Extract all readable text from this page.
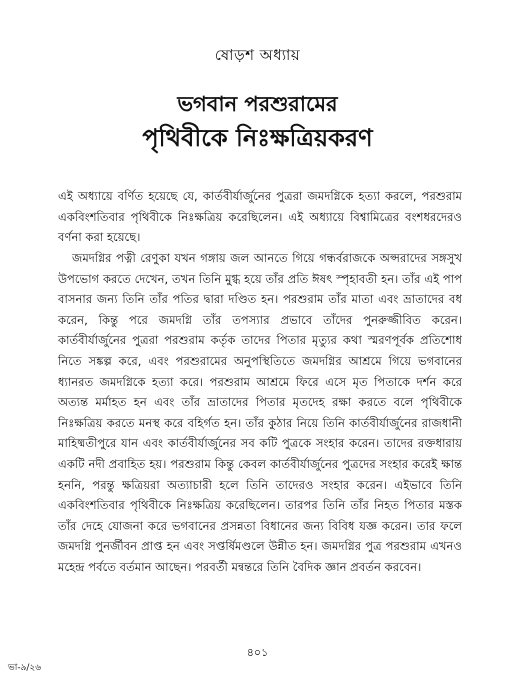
ষোড়শ অধ্যায়
ভগবান পরশুরামের
পৃথিবীকে নিঃক্ষত্রিয়করণ
এই অধ্যায়ে বর্ণিত হয়েছে যে, কার্তবীর্যার্জুনের পুত্ররা জমদগ্নিকে হত্যা করলে, পরশুরাম একবিংশতিবার পৃথিবীকে নিঃক্ষত্রিয় করেছিলেন। এই অধ্যায়ে বিশ্বামিত্রের বংশধরদেরও বর্ণনা করা হয়েছে।
জমদগ্নির পত্নী রেণুকা যখন গঙ্গায় জল আনতে গিয়ে গন্ধর্বরাজকে অপ্সরাদের সঙ্গসুখ উপভোগ করতে দেখেন, তখন তিনি মুগ্ধ হয়ে তাঁর প্রতি ঈষৎ স্পৃহাবতী হন। তাঁর এই পাপ বাসনার জন্য তিনি তাঁর পতির দ্বারা দণ্ডিত হন। পরশুরাম তাঁর মাতা এবং ভ্রাতাদের বধ করেন, কিন্তু পরে জমদগ্নি তাঁর তপস্যার প্রভাবে তাঁদের পুনরুজ্জীবিত করেন। কার্তবীর্যার্জুনের পুত্ররা পরশুরাম কর্তৃক তাদের পিতার মৃত্যুর কথা স্মরণপূর্বক প্রতিশোধ নিতে সঙ্কল্প করে, এবং পরশুরামের অনুপস্থিতিতে জমদগ্নির আশ্রমে গিয়ে ভগবানের ধ্যানরত জমদগ্নিকে হত্যা করে। পরশুরাম আশ্রমে ফিরে এসে মৃত পিতাকে দর্শন করে অত্যন্ত মর্মাহত হন এবং তাঁর ভ্রাতাদের পিতার মৃতদেহ রক্ষা করতে বলে পৃথিবীকে নিঃক্ষত্রিয় করতে মনস্থ করে বহির্গত হন। তাঁর কুঠার নিয়ে তিনি কার্তবীর্যার্জুনের রাজধানী মাহিষ্মতীপুরে যান এবং কার্তবীর্যার্জুনের সব কটি পুত্রকে সংহার করেন। তাদের রক্তধারায় একটি নদী প্রবাহিত হয়। পরশুরাম কিন্তু কেবল কার্তবীর্যার্জুনের পুত্রদের সংহার করেই ক্ষান্ত হননি, পরন্তু ক্ষত্রিয়রা অত্যাচারী হলে তিনি তাদেরও সংহার করেন। এইভাবে তিনি একবিংশতিবার পৃথিবীকে নিঃক্ষত্রিয় করেছিলেন। তারপর তিনি তাঁর নিহত পিতার মস্তক তাঁর দেহে যোজনা করে ভগবানের প্রসন্নতা বিধানের জন্য বিবিধ যজ্ঞ করেন। তার ফলে জমদগ্নি পুনর্জীবন প্রাপ্ত হন এবং সপ্তর্ষিমণ্ডলে উন্নীত হন। জমদগ্নির পুত্র পরশুরাম এখনও মহেন্দ্র পর্বতে বর্তমান আছেন। পরবর্তী মন্বন্তরে তিনি বৈদিক জ্ঞান প্রবর্তন করবেন।
৪০১
ভা-৯/২৬
